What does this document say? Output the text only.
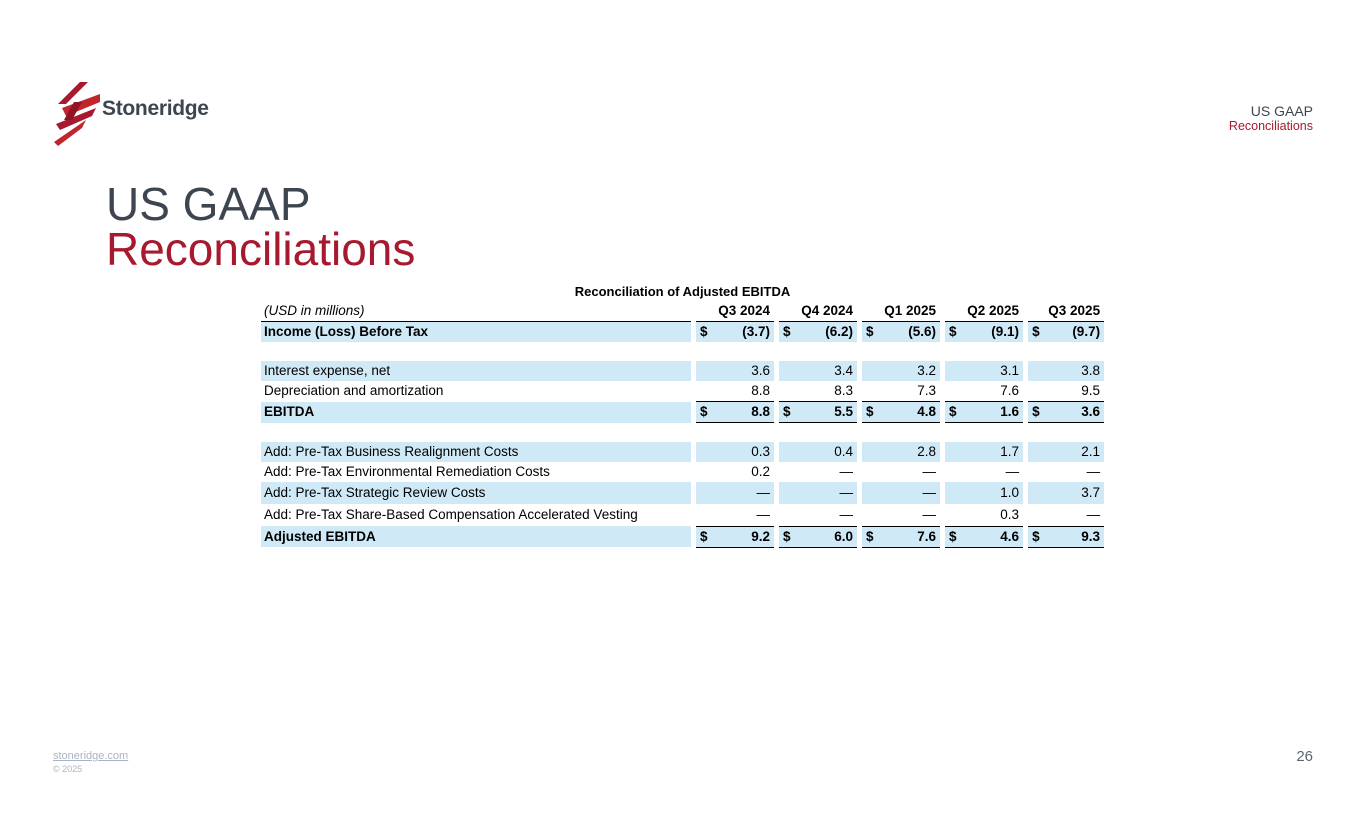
Stoneridge	US GAAP
Reconciliations
US GAAP
Reconciliations
Reconciliation of Adjusted EBITDA
(USD in millions)		Q3 2024			Q4 2024			Q1 2025			Q2 2025			Q3 2025	
Income (Loss) Before Tax		$	(3.7)		$	(6.2)		$	(5.6)		$	(9.1)		$	(9.7)

Interest expense, net			3.6			3.4			3.2			3.1			3.8
Depreciation and amortization			8.8			8.3			7.3			7.6			9.5
EBITDA		$	8.8		$	5.5		$	4.8		$	1.6		$	3.6

Add: Pre-Tax Business Realignment Costs			0.3			0.4			2.8			1.7			2.1
Add: Pre-Tax Environmental Remediation Costs			0.2			—			—			—			—
Add: Pre-Tax Strategic Review Costs			—			—			—			1.0			3.7
Add: Pre-Tax Share-Based Compensation Accelerated Vesting			—			—			—			0.3			—
Adjusted EBITDA		$	9.2		$	6.0		$	7.6		$	4.6		$	9.3
stoneridge.com
© 2025
26
